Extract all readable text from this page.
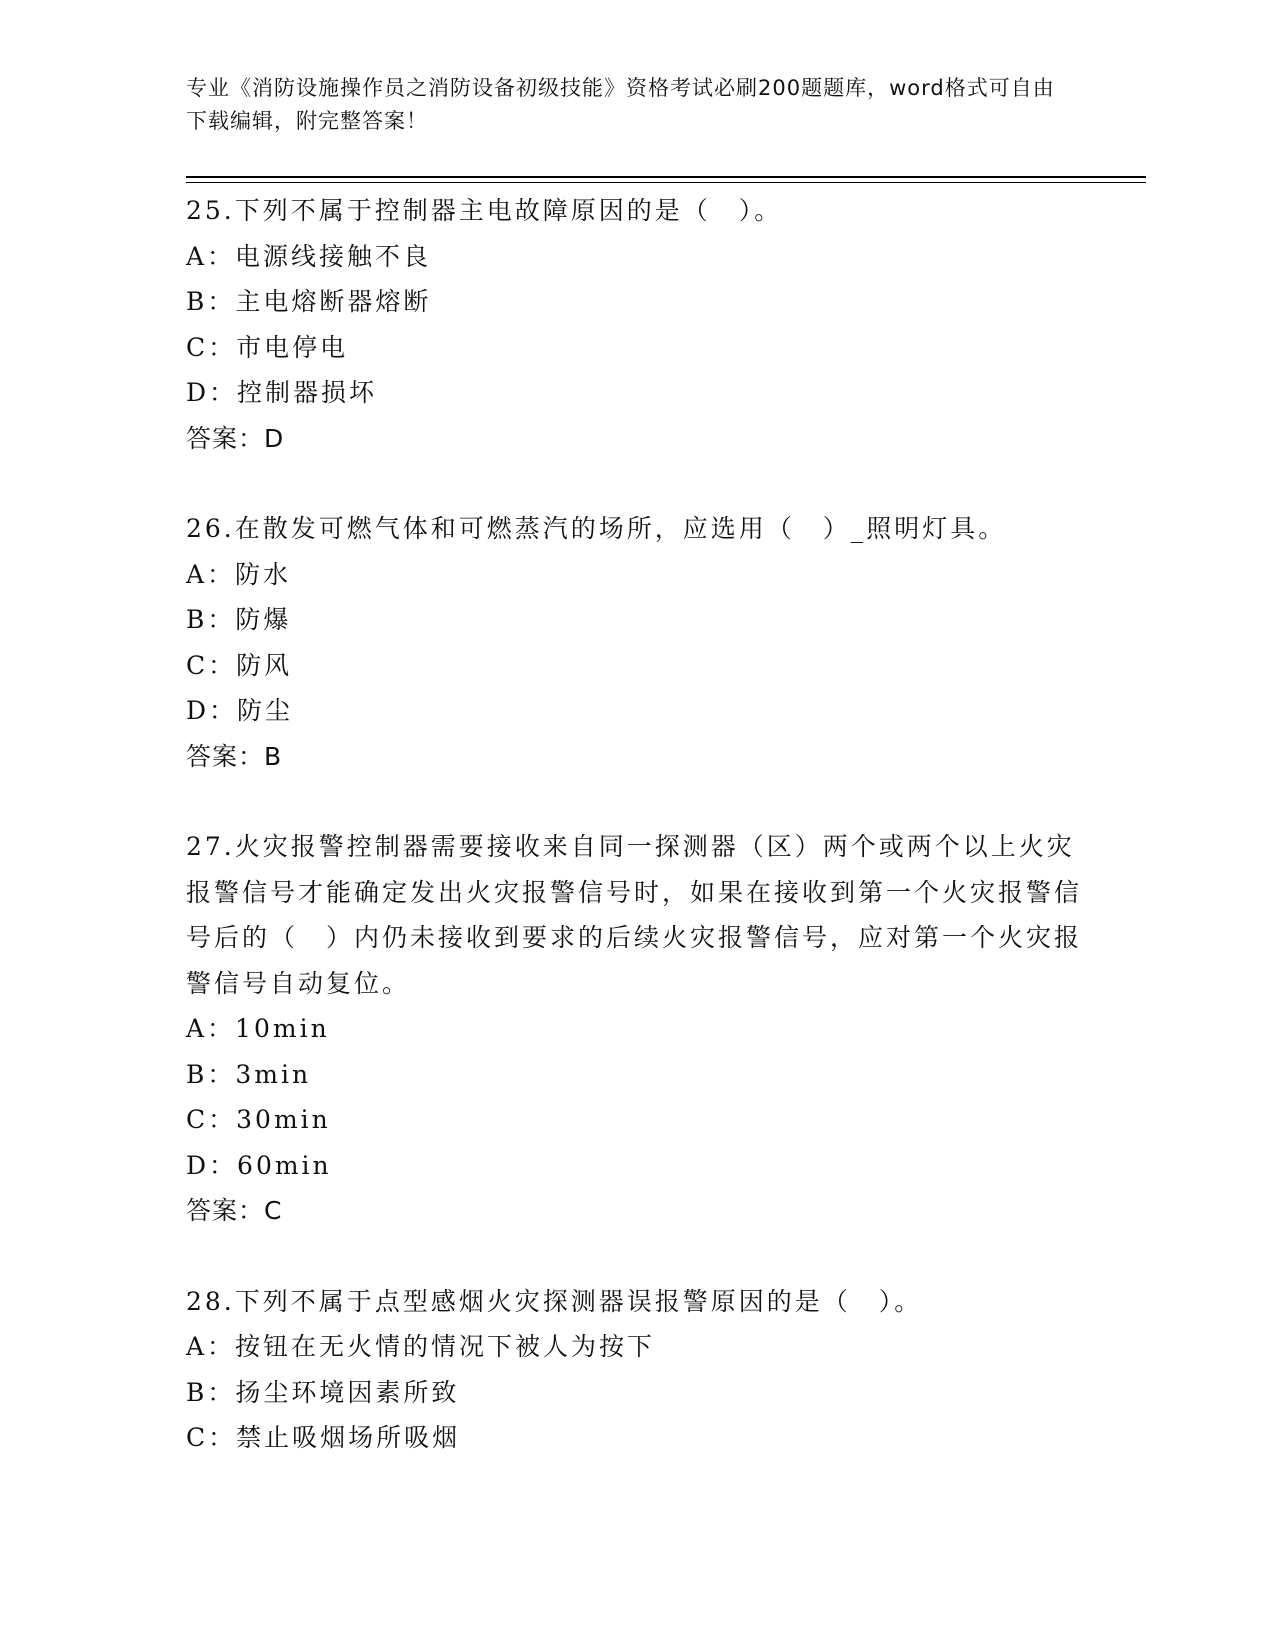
专业《消防设施操作员之消防设备初级技能》资格考试必刷200题题库，word格式可自由下载编辑，附完整答案！
25.下列不属于控制器主电故障原因的是（　）。
A：电源线接触不良
B：主电熔断器熔断
C：市电停电
D：控制器损坏
答案：D
26.在散发可燃气体和可燃蒸汽的场所，应选用（　）_照明灯具。
A：防水
B：防爆
C：防风
D：防尘
答案：B
27.火灾报警控制器需要接收来自同一探测器（区）两个或两个以上火灾报警信号才能确定发出火灾报警信号时，如果在接收到第一个火灾报警信号后的（　）内仍未接收到要求的后续火灾报警信号，应对第一个火灾报警信号自动复位。
A：10min
B：3min
C：30min
D：60min
答案：C
28.下列不属于点型感烟火灾探测器误报警原因的是（　）。
A：按钮在无火情的情况下被人为按下
B：扬尘环境因素所致
C：禁止吸烟场所吸烟
